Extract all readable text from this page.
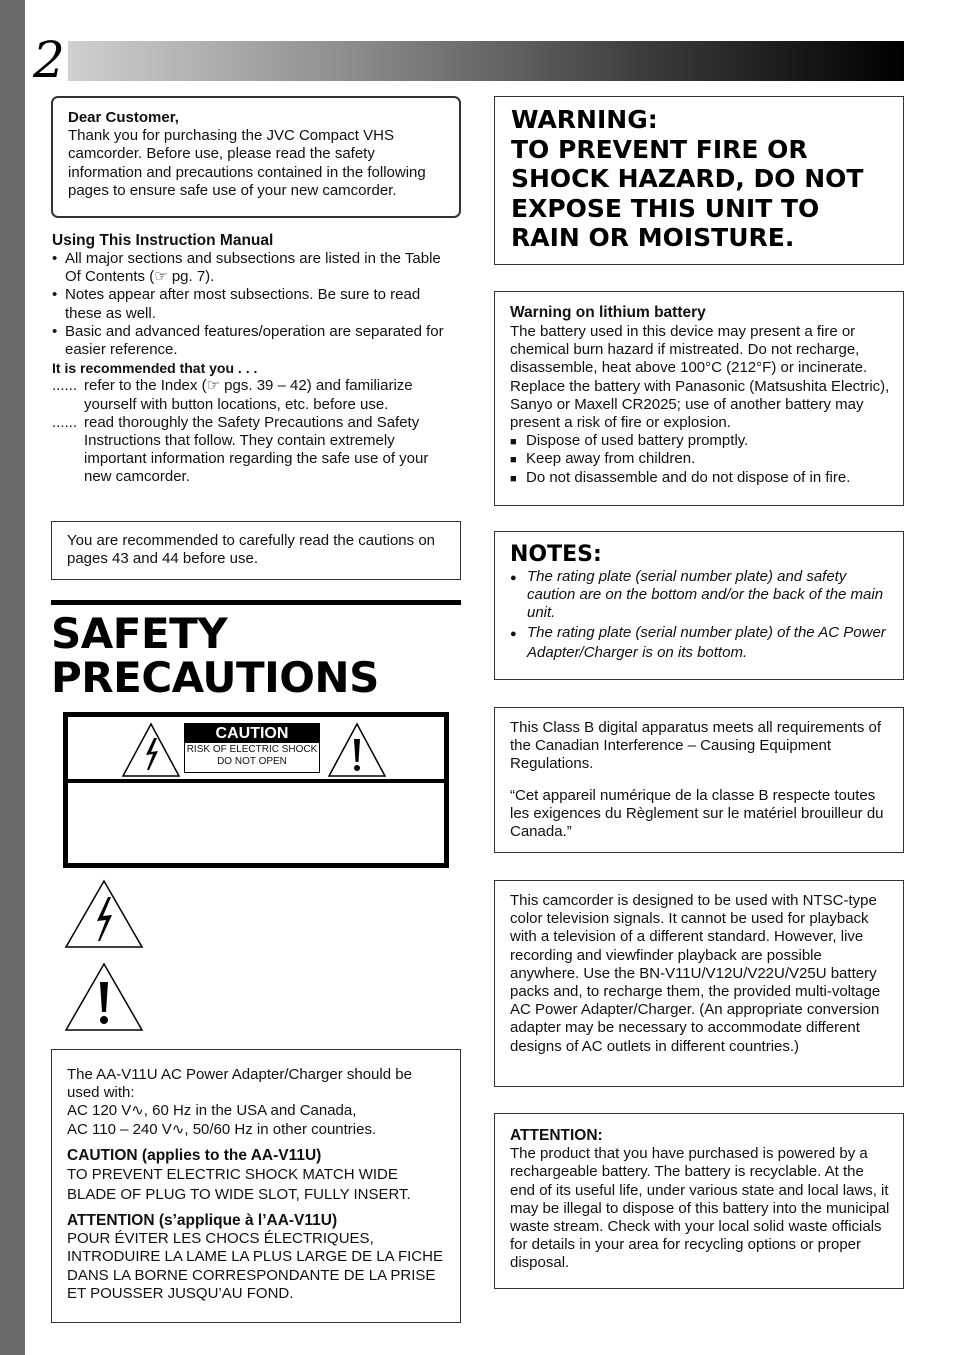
2

Dear Customer,

Thank you for purchasing the JVC Compact VHS camcorder. Before use, please read the safety information and precautions contained in the following pages to ensure safe use of your new camcorder.

Using This Instruction Manual

• All major sections and subsections are listed in the Table Of Contents (☞ pg. 7).
• Notes appear after most subsections. Be sure to read these as well.
• Basic and advanced features/operation are separated for easier reference.

It is recommended that you . . .

...... refer to the Index (☞ pgs. 39 – 42) and familiarize yourself with button locations, etc. before use.
...... read thoroughly the Safety Precautions and Safety Instructions that follow. They contain extremely important information regarding the safe use of your new camcorder.

You are recommended to carefully read the cautions on pages 43 and 44 before use.

SAFETY
PRECAUTIONS
CAUTION
RISK OF ELECTRIC SHOCK
DO NOT OPEN

The AA-V11U AC Power Adapter/Charger should be used with:

AC 120 V∿, 60 Hz in the USA and Canada,

AC 110 – 240 V∿, 50/60 Hz in other countries.

CAUTION (applies to the AA-V11U)

TO PREVENT ELECTRIC SHOCK MATCH WIDE BLADE OF PLUG TO WIDE SLOT, FULLY INSERT.

ATTENTION (s’applique à l’AA-V11U)

POUR ÉVITER LES CHOCS ÉLECTRIQUES, INTRODUIRE LA LAME LA PLUS LARGE DE LA FICHE DANS LA BORNE CORRESPONDANTE DE LA PRISE ET POUSSER JUSQU’AU FOND.

WARNING:

TO PREVENT FIRE OR SHOCK HAZARD, DO NOT EXPOSE THIS UNIT TO RAIN OR MOISTURE.

Warning on lithium battery

The battery used in this device may present a fire or chemical burn hazard if mistreated. Do not recharge, disassemble, heat above 100°C (212°F) or incinerate. Replace the battery with Panasonic (Matsushita Electric), Sanyo or Maxell CR2025; use of another battery may present a risk of fire or explosion.

■ Dispose of used battery promptly.
■ Keep away from children.
■ Do not disassemble and do not dispose of in fire.

NOTES:

● The rating plate (serial number plate) and safety caution are on the bottom and/or the back of the main unit.
● The rating plate (serial number plate) of the AC Power Adapter/Charger is on its bottom.

This Class B digital apparatus meets all requirements of the Canadian Interference – Causing Equipment Regulations.

“Cet appareil numérique de la classe B respecte toutes les exigences du Règlement sur le matériel brouilleur du Canada.”

This camcorder is designed to be used with NTSC-type color television signals. It cannot be used for playback with a television of a different standard. However, live recording and viewfinder playback are possible anywhere. Use the BN-V11U/V12U/V22U/V25U battery packs and, to recharge them, the provided multi-voltage AC Power Adapter/Charger. (An appropriate conversion adapter may be necessary to accommodate different designs of AC outlets in different countries.)

ATTENTION:

The product that you have purchased is powered by a rechargeable battery. The battery is recyclable. At the end of its useful life, under various state and local laws, it may be illegal to dispose of this battery into the municipal waste stream. Check with your local solid waste officials for details in your area for recycling options or proper disposal.
